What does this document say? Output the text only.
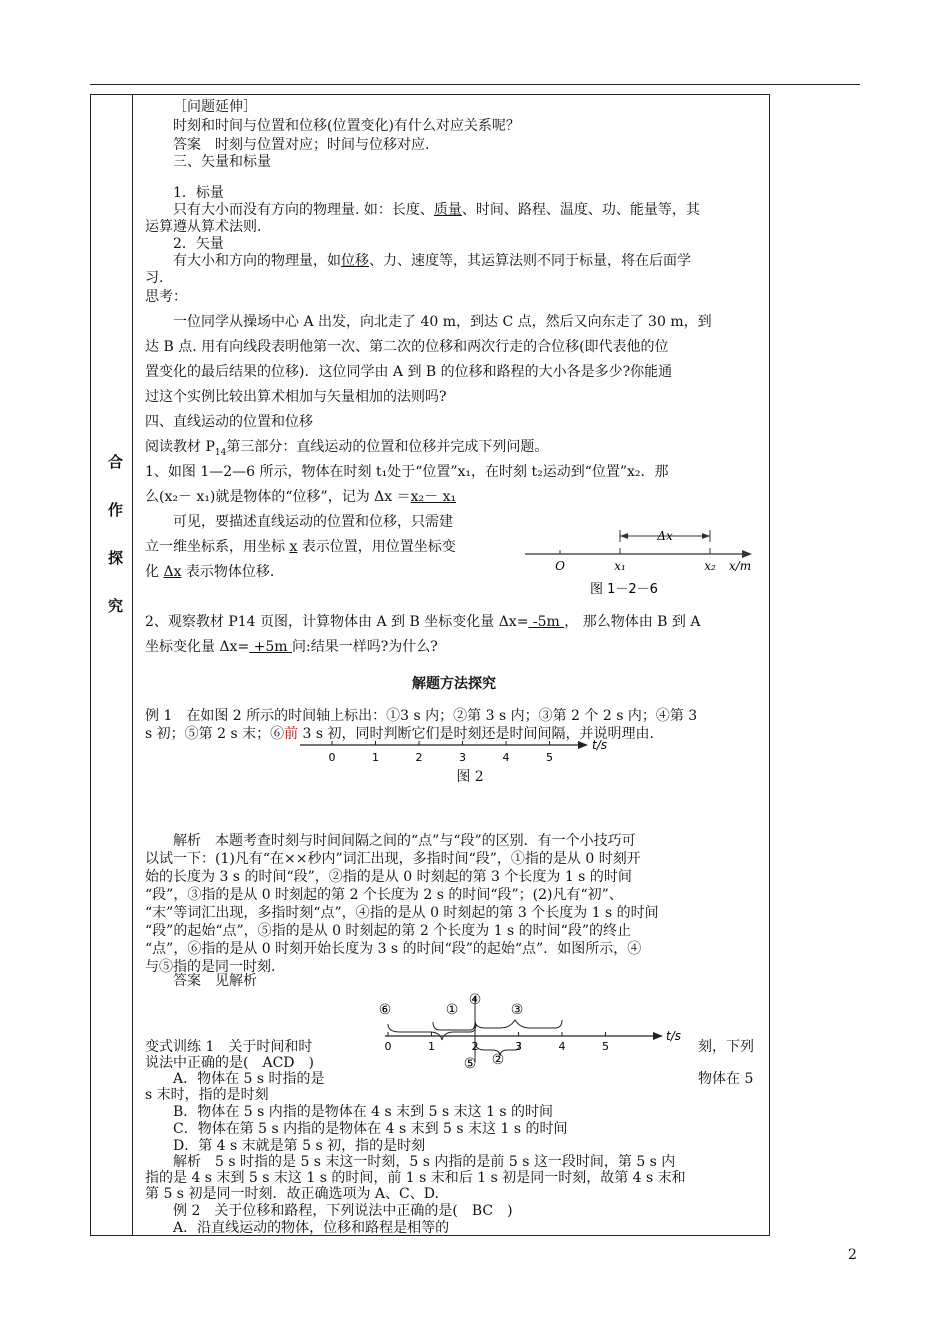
合
作
探
究
［问题延伸］
时刻和时间与位置和位移(位置变化)有什么对应关系呢？
答案　时刻与位置对应；时间与位移对应.
三、矢量和标量
1．标量
只有大小而没有方向的物理量. 如：长度、质量、时间、路程、温度、功、能量等，其
运算遵从算术法则.
2．矢量
有大小和方向的物理量，如位移、力、速度等，其运算法则不同于标量，将在后面学
习.
思考：
一位同学从操场中心 A 出发，向北走了 40 m，到达 C 点，然后又向东走了 30 m，到
达 B 点. 用有向线段表明他第一次、第二次的位移和两次行走的合位移(即代表他的位
置变化的最后结果的位移)．这位同学由 A 到 B 的位移和路程的大小各是多少?你能通
过这个实例比较出算术相加与矢量相加的法则吗?
四、直线运动的位置和位移
阅读教材 $P_{14}$第三部分：直线运动的位置和位移并完成下列问题。
1、如图 1—2—6 所示，物体在时刻 t₁处于“位置”x₁，在时刻 t₂运动到“位置”x₂．那
么(x₂－ x₁)就是物体的“位移”，记为 Δx ＝x₂－ x₁
可见，要描述直线运动的位置和位移，只需建
立一维坐标系，用坐标 x 表示位置，用位置坐标变
化 Δx 表示物体位移.
Δx
O	x₁	x₂ x/m
图 1－2－6
2、观察教材 P14 页图，计算物体由 A 到 B 坐标变化量 Δx= -5m ， 那么物体由 B 到 A
坐标变化量 Δx= +5m 问:结果一样吗?为什么?
解题方法探究
例 1　在如图 2 所示的时间轴上标出：①3 s 内；②第 3 s 内；③第 2 个 2 s 内；④第 3
s 初；⑤第 2 s 末；⑥前 3 s 初，同时判断它们是时刻还是时间间隔，并说明理由.
0	1	2	3	4	5
t/s
图 2
解析　本题考查时刻与时间间隔之间的“点”与“段”的区别．有一个小技巧可
以试一下：(1)凡有“在××秒内”词汇出现，多指时间“段”，①指的是从 0 时刻开
始的长度为 3 s 的时间“段”，②指的是从 0 时刻起的第 3 个长度为 1 s 的时间
“段”，③指的是从 0 时刻起的第 2 个长度为 2 s 的时间“段”；(2)凡有“初”、
“末”等词汇出现，多指时刻“点”，④指的是从 0 时刻起的第 3 个长度为 1 s 的时间
“段”的起始“点”，⑤指的是从 0 时刻起的第 2 个长度为 1 s 的时间“段”的终止
“点”，⑥指的是从 0 时刻开始长度为 3 s 的时间“段”的起始“点”．如图所示，④
与⑤指的是同一时刻.
答案　见解析
t/s
0	1	2	3	4	5
⑥	①
④
③
⑤ ②
变式训练 1　关于时间和时	刻，下列
说法中正确的是(　ACD　)
A．物体在 5 s 时指的是	物体在 5
s 末时，指的是时刻
B．物体在 5 s 内指的是物体在 4 s 末到 5 s 末这 1 s 的时间
C．物体在第 5 s 内指的是物体在 4 s 末到 5 s 末这 1 s 的时间
D．第 4 s 末就是第 5 s 初，指的是时刻
解析　5 s 时指的是 5 s 末这一时刻，5 s 内指的是前 5 s 这一段时间，第 5 s 内
指的是 4 s 末到 5 s 末这 1 s 的时间，前 1 s 末和后 1 s 初是同一时刻，故第 4 s 末和
第 5 s 初是同一时刻．故正确选项为 A、C、D.
例 2　关于位移和路程，下列说法中正确的是(　BC　)
A．沿直线运动的物体，位移和路程是相等的
2
